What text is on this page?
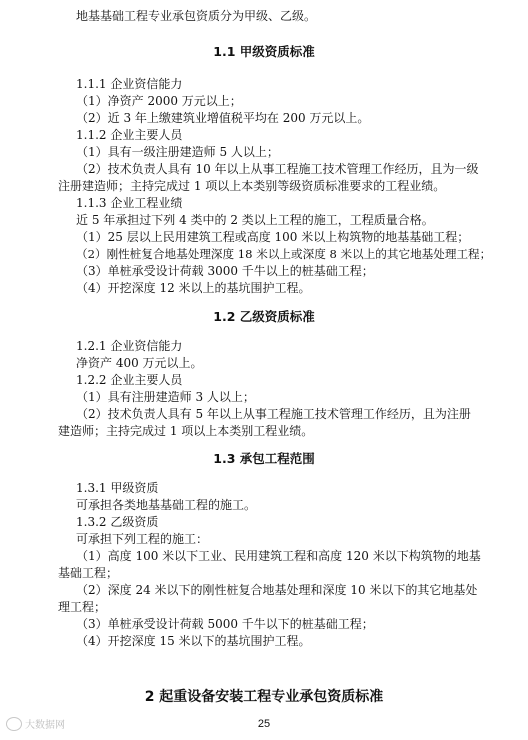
地基基础工程专业承包资质分为甲级、乙级。
1.1 甲级资质标准
1.1.1 企业资信能力
（1）净资产 2000 万元以上；
（2）近 3 年上缴建筑业增值税平均在 200 万元以上。
1.1.2 企业主要人员
（1）具有一级注册建造师 5 人以上；
（2）技术负责人具有 10 年以上从事工程施工技术管理工作经历，且为一级
注册建造师；主持完成过 1 项以上本类别等级资质标准要求的工程业绩。
1.1.3 企业工程业绩
近 5 年承担过下列 4 类中的 2 类以上工程的施工，工程质量合格。
（1）25 层以上民用建筑工程或高度 100 米以上构筑物的地基基础工程；
（2）刚性桩复合地基处理深度 18 米以上或深度 8 米以上的其它地基处理工程；
（3）单桩承受设计荷载 3000 千牛以上的桩基础工程；
（4）开挖深度 12 米以上的基坑围护工程。
1.2 乙级资质标准
1.2.1 企业资信能力
净资产 400 万元以上。
1.2.2 企业主要人员
（1）具有注册建造师 3 人以上；
（2）技术负责人具有 5 年以上从事工程施工技术管理工作经历，且为注册
建造师；主持完成过 1 项以上本类别工程业绩。
1.3 承包工程范围
1.3.1 甲级资质
可承担各类地基基础工程的施工。
1.3.2 乙级资质
可承担下列工程的施工：
（1）高度 100 米以下工业、民用建筑工程和高度 120 米以下构筑物的地基
基础工程；
（2）深度 24 米以下的刚性桩复合地基处理和深度 10 米以下的其它地基处
理工程；
（3）单桩承受设计荷载 5000 千牛以下的桩基础工程；
（4）开挖深度 15 米以下的基坑围护工程。
2 起重设备安装工程专业承包资质标准
大数据网	25
